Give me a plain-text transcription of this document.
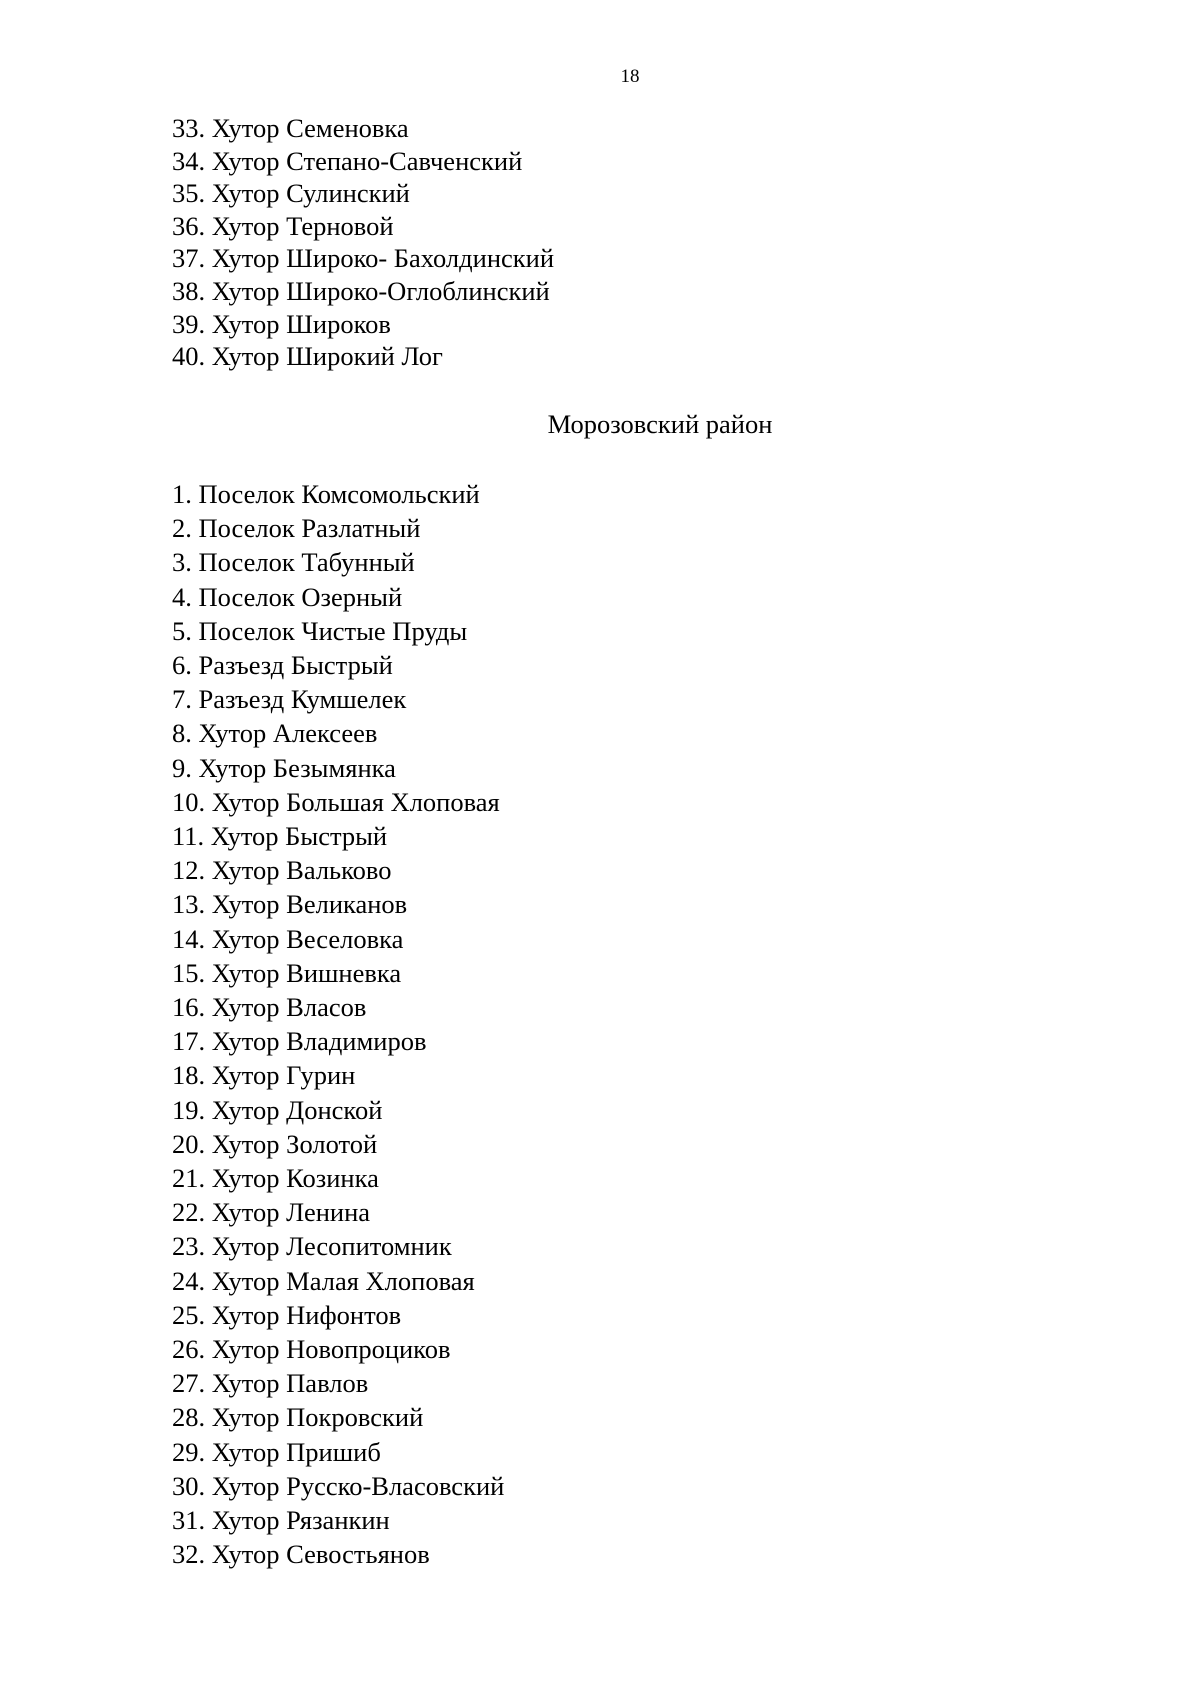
18
33. Хутор Семеновка
34. Хутор Степано-Савченский
35. Хутор Сулинский
36. Хутор Терновой
37. Хутор Широко- Бахолдинский
38. Хутор Широко-Оглоблинский
39. Хутор Широков
40. Хутор Широкий Лог
Морозовский район
1. Поселок Комсомольский
2. Поселок Разлатный
3. Поселок Табунный
4. Поселок Озерный
5. Поселок Чистые Пруды
6. Разъезд Быстрый
7. Разъезд Кумшелек
8. Хутор Алексеев
9. Хутор Безымянка
10. Хутор Большая Хлоповая
11. Хутор Быстрый
12. Хутор Вальково
13. Хутор Великанов
14. Хутор Веселовка
15. Хутор Вишневка
16. Хутор Власов
17. Хутор Владимиров
18. Хутор Гурин
19. Хутор Донской
20. Хутор Золотой
21. Хутор Козинка
22. Хутор Ленина
23. Хутор Лесопитомник
24. Хутор Малая Хлоповая
25. Хутор Нифонтов
26. Хутор Новопроциков
27. Хутор Павлов
28. Хутор Покровский
29. Хутор Пришиб
30. Хутор Русско-Власовский
31. Хутор Рязанкин
32. Хутор Севостьянов
